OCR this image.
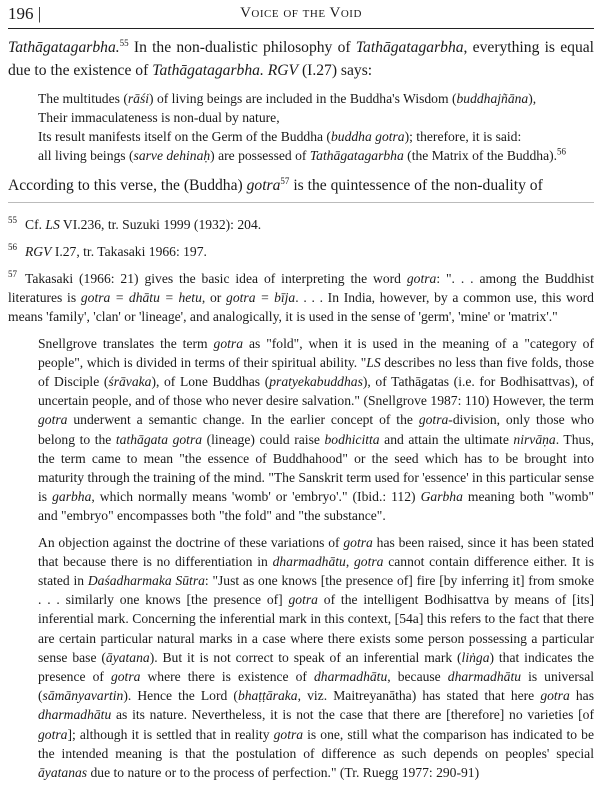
196 |	Voice of the Void

Tathāgatagarbha.$^{55}$ In the non-dualistic philosophy of Tathāgatagarbha, everything is equal due to the existence of Tathāgatagarbha. RGV (I.27) says:

The multitudes (rāśi) of living beings are included in the Buddha's Wisdom (buddhajñāna),
Their immaculateness is non-dual by nature,
Its result manifests itself on the Germ of the Buddha (buddha gotra); therefore, it is said:
all living beings (sarve dehinaḥ) are possessed of Tathāgatagarbha (the Matrix of the Buddha).$^{56}$

According to this verse, the (Buddha) gotra$^{57}$ is the quintessence of the non-duality of

$^{55}$ Cf. LS VI.236, tr. Suzuki 1999 (1932): 204.
$^{56}$ RGV I.27, tr. Takasaki 1966: 197.
$^{57}$ Takasaki (1966: 21) gives the basic idea of interpreting the word gotra: ". . . among the Buddhist literatures is gotra = dhātu = hetu, or gotra = bīja. . . . In India, however, by a common use, this word means 'family', 'clan' or 'lineage', and analogically, it is used in the sense of 'germ', 'mine' or 'matrix'."
Snellgrove translates the term gotra as "fold", when it is used in the meaning of a "category of people", which is divided in terms of their spiritual ability. "LS describes no less than five folds, those of Disciple (śrāvaka), of Lone Buddhas (pratyekabuddhas), of Tathāgatas (i.e. for Bodhisattvas), of uncertain people, and of those who never desire salvation." (Snellgrove 1987: 110) However, the term gotra underwent a semantic change. In the earlier concept of the gotra-division, only those who belong to the tathāgata gotra (lineage) could raise bodhicitta and attain the ultimate nirvāṇa. Thus, the term came to mean "the essence of Buddhahood" or the seed which has to be brought into maturity through the training of the mind. "The Sanskrit term used for 'essence' in this particular sense is garbha, which normally means 'womb' or 'embryo'." (Ibid.: 112) Garbha meaning both "womb" and "embryo" encompasses both "the fold" and "the substance".
An objection against the doctrine of these variations of gotra has been raised, since it has been stated that because there is no differentiation in dharmadhātu, gotra cannot contain difference either. It is stated in Daśadharmaka Sūtra: "Just as one knows [the presence of] fire [by inferring it] from smoke . . . similarly one knows [the presence of] gotra of the intelligent Bodhisattva by means of [its] inferential mark. Concerning the inferential mark in this context, [54a] this refers to the fact that there are certain particular natural marks in a case where there exists some person possessing a particular sense base (āyatana). But it is not correct to speak of an inferential mark (liṅga) that indicates the presence of gotra where there is existence of dharmadhātu, because dharmadhātu is universal (sāmānyavartin). Hence the Lord (bhaṭṭāraka, viz. Maitreyanātha) has stated that here gotra has dharmadhātu as its nature. Nevertheless, it is not the case that there are [therefore] no varieties [of gotra]; although it is settled that in reality gotra is one, still what the comparison has indicated to be the intended meaning is that the postulation of difference as such depends on peoples' special āyatanas due to nature or to the process of perfection." (Tr. Ruegg 1977: 290-91)
